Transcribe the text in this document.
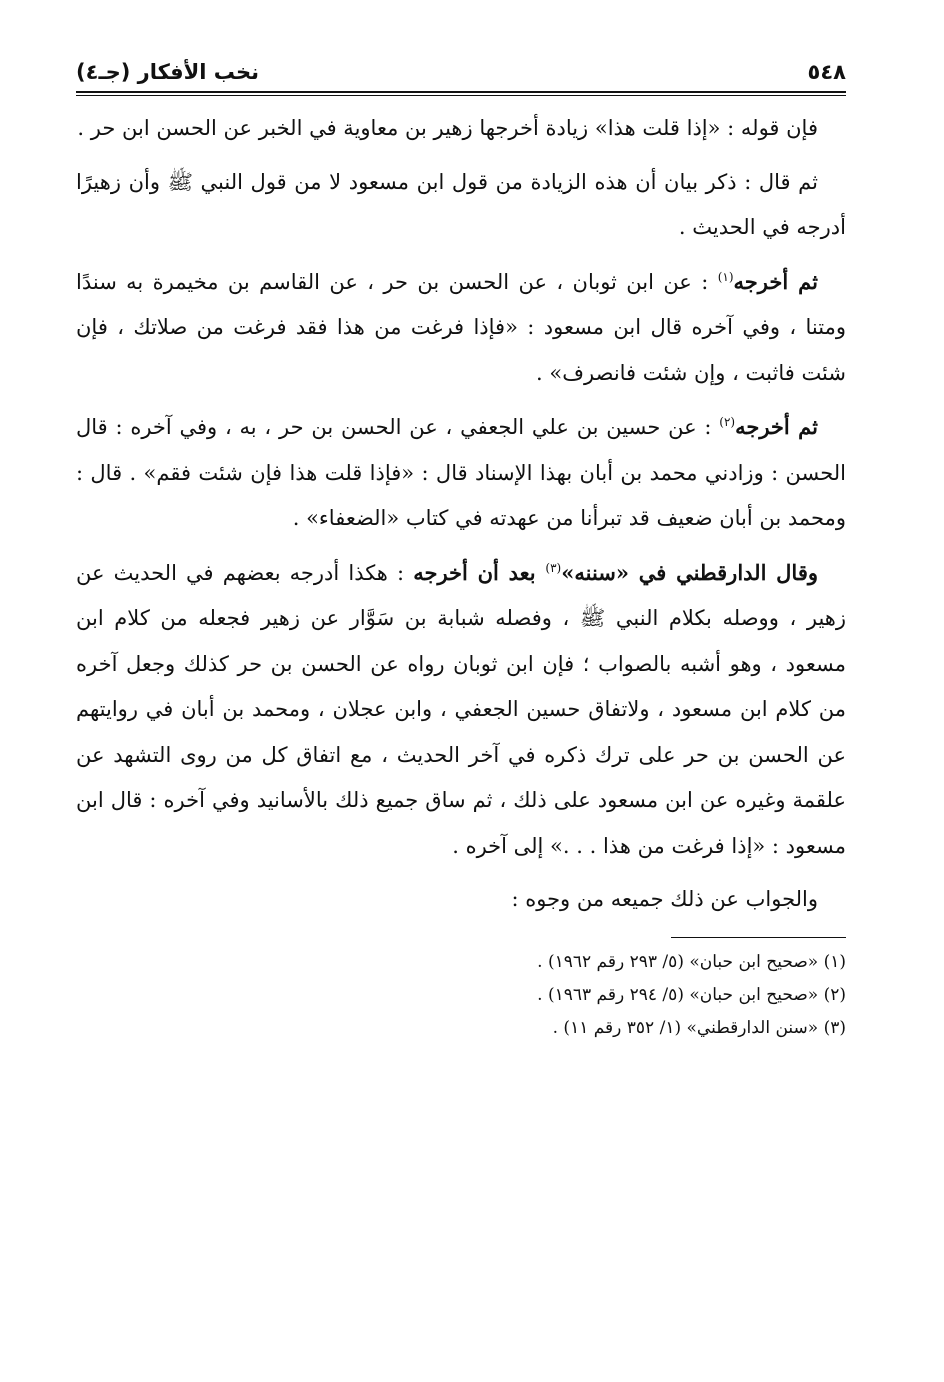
٥٤٨
نخب الأفكار (جـ٤)

فإن قوله : «إذا قلت هذا» زيادة أخرجها زهير بن معاوية في الخبر عن الحسن ابن حر .

ثم قال : ذكر بيان أن هذه الزيادة من قول ابن مسعود لا من قول النبي ﷺ وأن زهيرًا أدرجه في الحديث .

ثم أخرجه$^{(١)}$ : عن ابن ثوبان ، عن الحسن بن حر ، عن القاسم بن مخيمرة به سندًا ومتنا ، وفي آخره قال ابن مسعود : «فإذا فرغت من هذا فقد فرغت من صلاتك ، فإن شئت فاثبت ، وإن شئت فانصرف» .

ثم أخرجه$^{(٢)}$ : عن حسين بن علي الجعفي ، عن الحسن بن حر ، به ، وفي آخره : قال الحسن : وزادني محمد بن أبان بهذا الإسناد قال : «فإذا قلت هذا فإن شئت فقم» . قال : ومحمد بن أبان ضعيف قد تبرأنا من عهدته في كتاب «الضعفاء» .

وقال الدارقطني في «سننه»$^{(٣)}$ بعد أن أخرجه : هكذا أدرجه بعضهم في الحديث عن زهير ، ووصله بكلام النبي ﷺ ، وفصله شبابة بن سَوَّار عن زهير فجعله من كلام ابن مسعود ، وهو أشبه بالصواب ؛ فإن ابن ثوبان رواه عن الحسن بن حر كذلك وجعل آخره من كلام ابن مسعود ، ولاتفاق حسين الجعفي ، وابن عجلان ، ومحمد بن أبان في روايتهم عن الحسن بن حر على ترك ذكره في آخر الحديث ، مع اتفاق كل من روى التشهد عن علقمة وغيره عن ابن مسعود على ذلك ، ثم ساق جميع ذلك بالأسانيد وفي آخره : قال ابن مسعود : «إذا فرغت من هذا . . .» إلى آخره .

والجواب عن ذلك جميعه من وجوه :

(١) «صحيح ابن حبان» (٥/ ٢٩٣ رقم ١٩٦٢) .

(٢) «صحيح ابن حبان» (٥/ ٢٩٤ رقم ١٩٦٣) .

(٣) «سنن الدارقطني» (١/ ٣٥٢ رقم ١١) .
